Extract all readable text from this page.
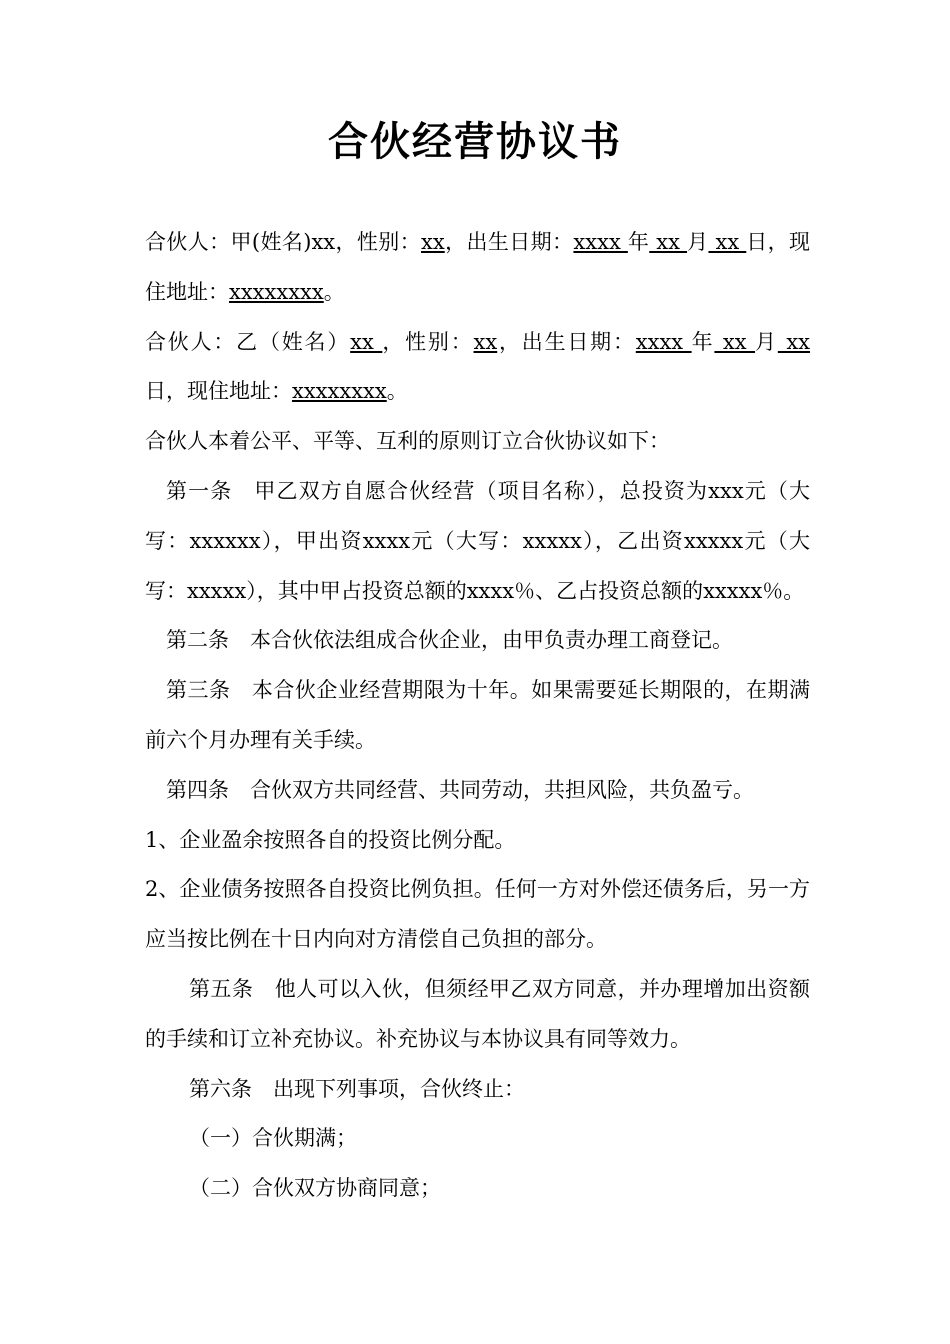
合伙经营协议书

合伙人：甲(姓名)xx，性别：xx，出生日期：xxxx 年 xx 月 xx 日，现住地址：xxxxxxxx。

合伙人：乙（姓名）xx ，性别：xx，出生日期：xxxx 年 xx 月 xx 日，现住地址：xxxxxxxx。

合伙人本着公平、平等、互利的原则订立合伙协议如下：

第一条　甲乙双方自愿合伙经营（项目名称），总投资为xxx元（大写：xxxxxx），甲出资xxxx元（大写：xxxxx），乙出资xxxxx元（大写：xxxxx），其中甲占投资总额的xxxx％、乙占投资总额的xxxxx％。

第二条　本合伙依法组成合伙企业，由甲负责办理工商登记。

第三条　本合伙企业经营期限为十年。如果需要延长期限的，在期满前六个月办理有关手续。

第四条　合伙双方共同经营、共同劳动，共担风险，共负盈亏。

1、企业盈余按照各自的投资比例分配。

2、企业债务按照各自投资比例负担。任何一方对外偿还债务后，另一方应当按比例在十日内向对方清偿自己负担的部分。

第五条　他人可以入伙，但须经甲乙双方同意，并办理增加出资额的手续和订立补充协议。补充协议与本协议具有同等效力。

第六条　出现下列事项，合伙终止：

（一）合伙期满；

（二）合伙双方协商同意；
